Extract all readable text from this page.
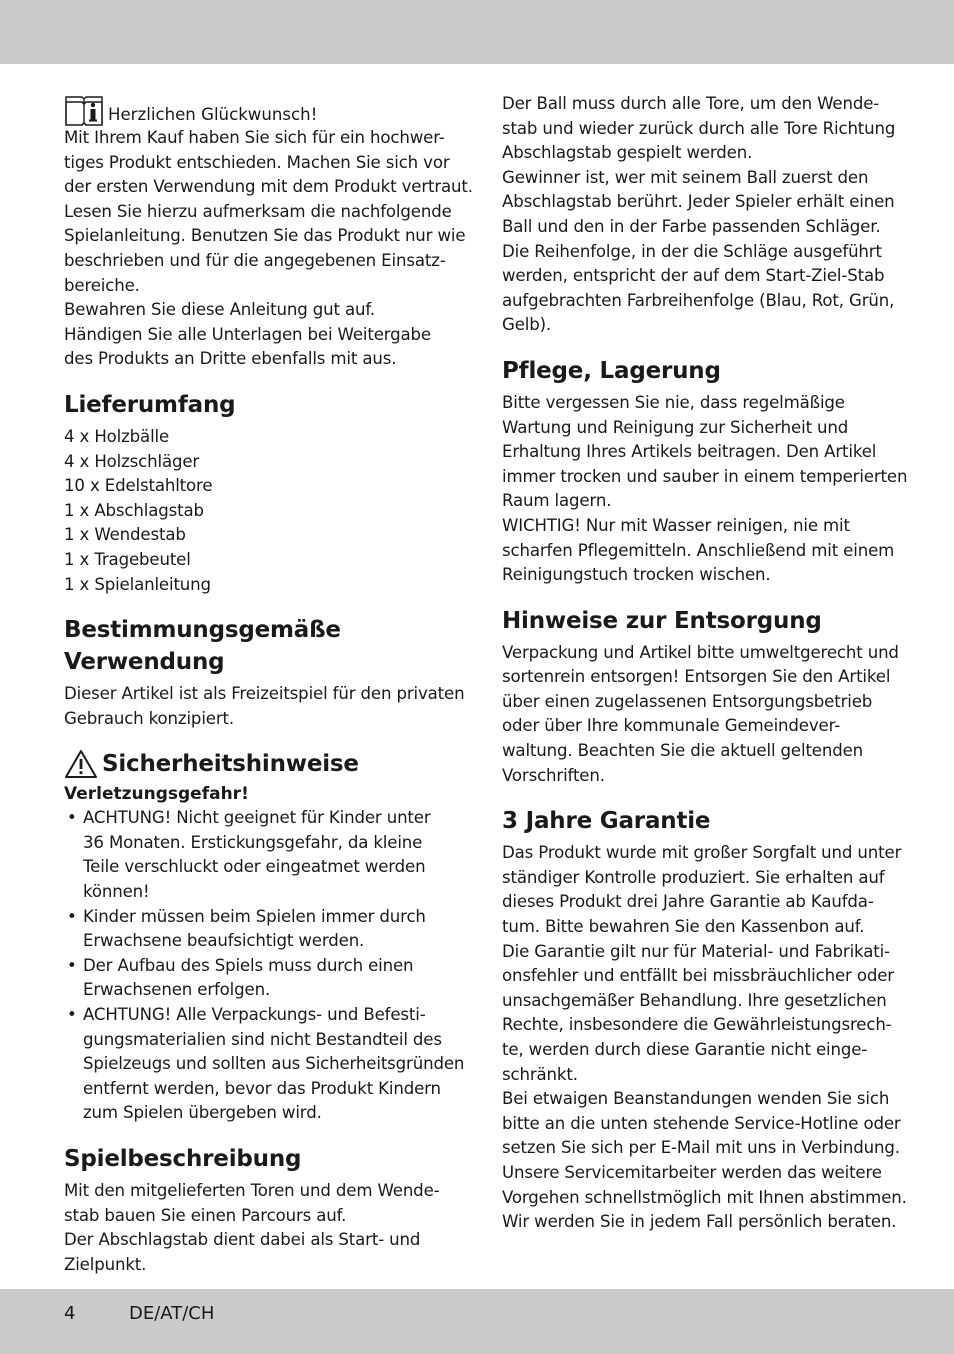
Herzlichen Glückwunsch!
Mit Ihrem Kauf haben Sie sich für ein hochwer-
tiges Produkt entschieden. Machen Sie sich vor
der ersten Verwendung mit dem Produkt vertraut.
Lesen Sie hierzu aufmerksam die nachfolgende
Spielanleitung. Benutzen Sie das Produkt nur wie
beschrieben und für die angegebenen Einsatz-
bereiche.
Bewahren Sie diese Anleitung gut auf.
Händigen Sie alle Unterlagen bei Weitergabe
des Produkts an Dritte ebenfalls mit aus.
Lieferumfang
4 x Holzbälle
4 x Holzschläger
10 x Edelstahltore
1 x Abschlagstab
1 x Wendestab
1 x Tragebeutel
1 x Spielanleitung
Bestimmungsgemäße
Verwendung
Dieser Artikel ist als Freizeitspiel für den privaten
Gebrauch konzipiert.
Sicherheitshinweise
Verletzungsgefahr!
• ACHTUNG! Nicht geeignet für Kinder unter
36 Monaten. Erstickungsgefahr, da kleine
Teile verschluckt oder eingeatmet werden
können!
• Kinder müssen beim Spielen immer durch
Erwachsene beaufsichtigt werden.
• Der Aufbau des Spiels muss durch einen
Erwachsenen erfolgen.
• ACHTUNG! Alle Verpackungs- und Befesti-
gungsmaterialien sind nicht Bestandteil des
Spielzeugs und sollten aus Sicherheitsgründen
entfernt werden, bevor das Produkt Kindern
zum Spielen übergeben wird.
Spielbeschreibung
Mit den mitgelieferten Toren und dem Wende-
stab bauen Sie einen Parcours auf.
Der Abschlagstab dient dabei als Start- und
Zielpunkt.
Der Ball muss durch alle Tore, um den Wende-
stab und wieder zurück durch alle Tore Richtung
Abschlagstab gespielt werden.
Gewinner ist, wer mit seinem Ball zuerst den
Abschlagstab berührt. Jeder Spieler erhält einen
Ball und den in der Farbe passenden Schläger.
Die Reihenfolge, in der die Schläge ausgeführt
werden, entspricht der auf dem Start-Ziel-Stab
aufgebrachten Farbreihenfolge (Blau, Rot, Grün,
Gelb).
Pflege, Lagerung
Bitte vergessen Sie nie, dass regelmäßige
Wartung und Reinigung zur Sicherheit und
Erhaltung Ihres Artikels beitragen. Den Artikel
immer trocken und sauber in einem temperierten
Raum lagern.
WICHTIG! Nur mit Wasser reinigen, nie mit
scharfen Pflegemitteln. Anschließend mit einem
Reinigungstuch trocken wischen.
Hinweise zur Entsorgung
Verpackung und Artikel bitte umweltgerecht und
sortenrein entsorgen! Entsorgen Sie den Artikel
über einen zugelassenen Entsorgungsbetrieb
oder über Ihre kommunale Gemeindever-
waltung. Beachten Sie die aktuell geltenden
Vorschriften.
3 Jahre Garantie
Das Produkt wurde mit großer Sorgfalt und unter
ständiger Kontrolle produziert. Sie erhalten auf
dieses Produkt drei Jahre Garantie ab Kaufda-
tum. Bitte bewahren Sie den Kassenbon auf.
Die Garantie gilt nur für Material- und Fabrikati-
onsfehler und entfällt bei missbräuchlicher oder
unsachgemäßer Behandlung. Ihre gesetzlichen
Rechte, insbesondere die Gewährleistungsrech-
te, werden durch diese Garantie nicht einge-
schränkt.
Bei etwaigen Beanstandungen wenden Sie sich
bitte an die unten stehende Service-Hotline oder
setzen Sie sich per E-Mail mit uns in Verbindung.
Unsere Servicemitarbeiter werden das weitere
Vorgehen schnellstmöglich mit Ihnen abstimmen.
Wir werden Sie in jedem Fall persönlich beraten.
4	DE/AT/CH
